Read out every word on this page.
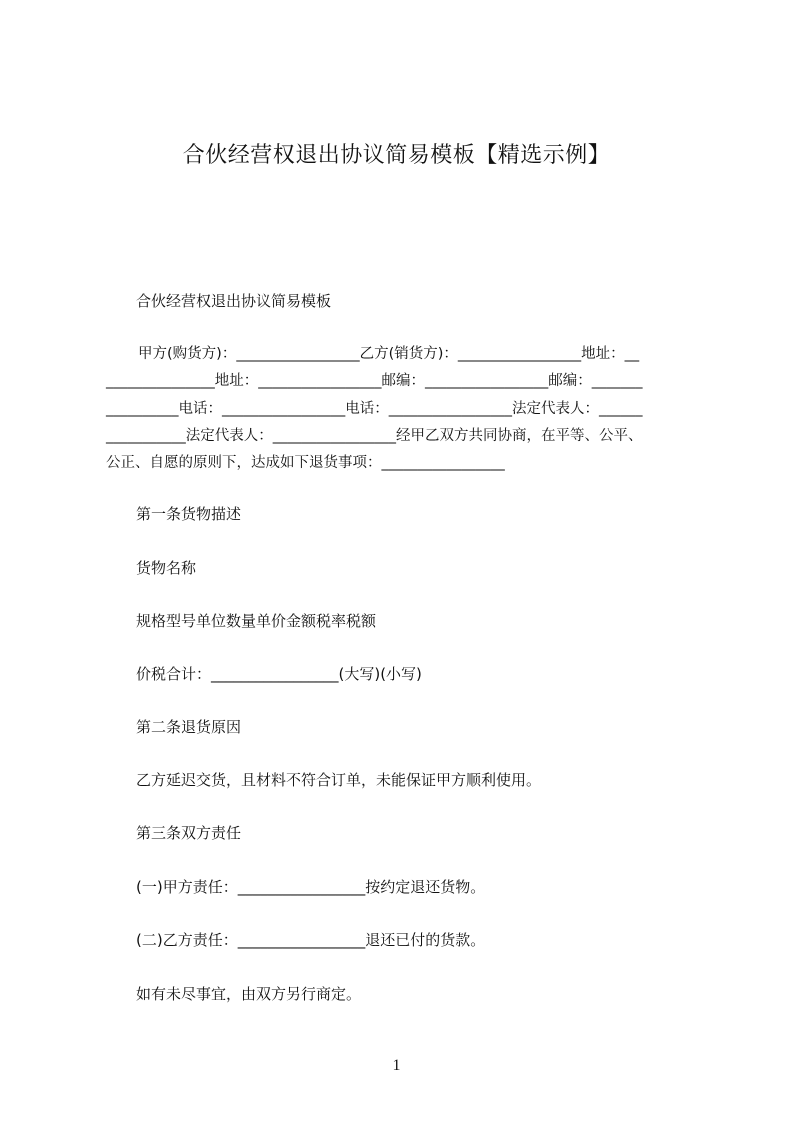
合伙经营权退出协议简易模板【精选示例】
合伙经营权退出协议简易模板
甲方(购货方)：_________________乙方(销货方)：_________________地址：__
_______________地址：_________________邮编：_________________邮编：_______
__________电话：_________________电话：_________________法定代表人：______
___________法定代表人：_________________经甲乙双方共同协商，在平等、公平、
公正、自愿的原则下，达成如下退货事项：_________________
第一条货物描述
货物名称
规格型号单位数量单价金额税率税额
价税合计：_________________(大写)(小写)
第二条退货原因
乙方延迟交货，且材料不符合订单，未能保证甲方顺利使用。
第三条双方责任
(一)甲方责任：_________________按约定退还货物。
(二)乙方责任：_________________退还已付的货款。
如有未尽事宜，由双方另行商定。
1
